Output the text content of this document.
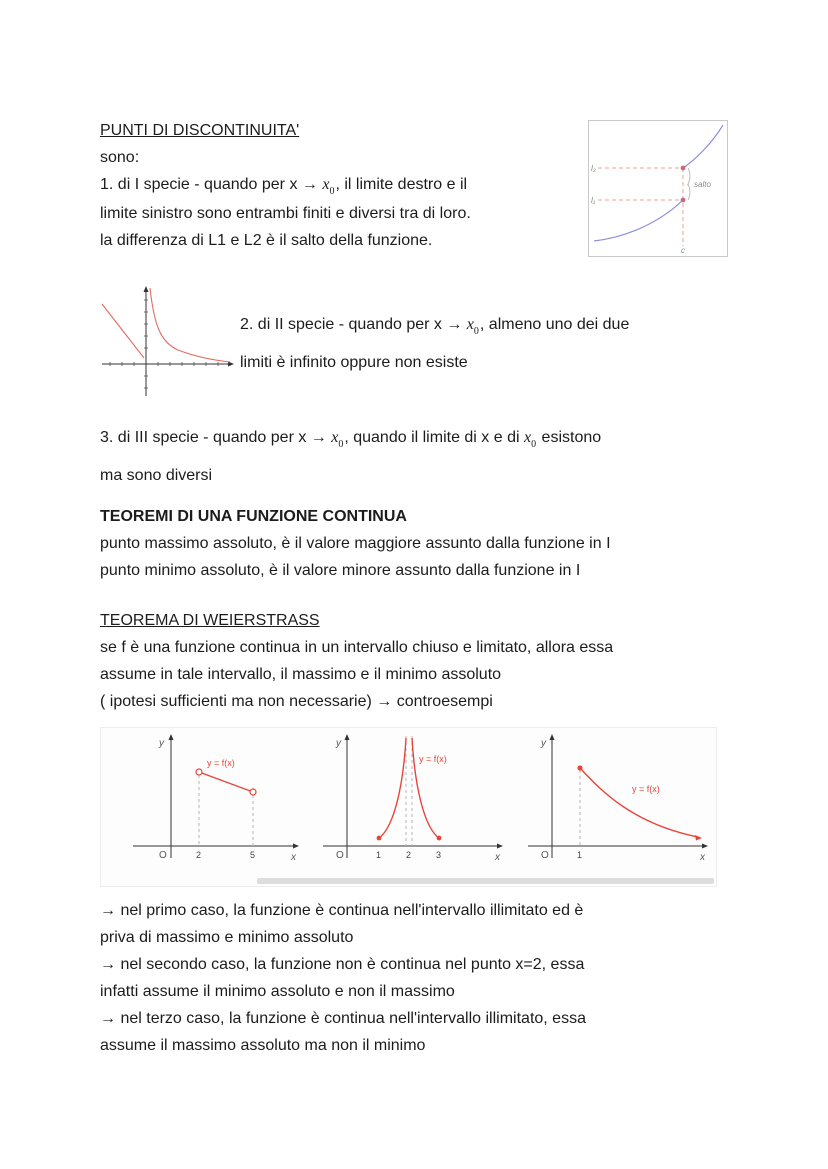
PUNTI DI DISCONTINUITA'
sono:
1. di I specie - quando per $x \to x_0$, il limite destro e il
limite sinistro sono entrambi finiti e diversi tra di loro.
la differenza di L1 e L2 è il salto della funzione.
l₂
l₁
salto
c
2. di II specie - quando per $x \to x_0$, almeno uno dei due
limiti è infinito oppure non esiste
3. di III specie - quando per $x \to x_0$, quando il limite di x e di $x_0$ esistono
ma sono diversi
TEOREMI DI UNA FUNZIONE CONTINUA
punto massimo assoluto, è il valore maggiore assunto dalla funzione in I
punto minimo assoluto, è il valore minore assunto dalla funzione in I
TEOREMA DI WEIERSTRASS
se f è una funzione continua in un intervallo chiuso e limitato, allora essa
assume in tale intervallo, il massimo e il minimo assoluto
( ipotesi sufficienti ma non necessarie) → controesempi
y
x
O
y = f(x)
2	5
y
x
O
y = f(x)
1	2	3
y
x
O
y = f(x)
1
→ nel primo caso, la funzione è continua nell'intervallo illimitato ed è
priva di massimo e minimo assoluto
→ nel secondo caso, la funzione non è continua nel punto x=2, essa
infatti assume il minimo assoluto e non il massimo
→ nel terzo caso, la funzione è continua nell'intervallo illimitato, essa
assume il massimo assoluto ma non il minimo
